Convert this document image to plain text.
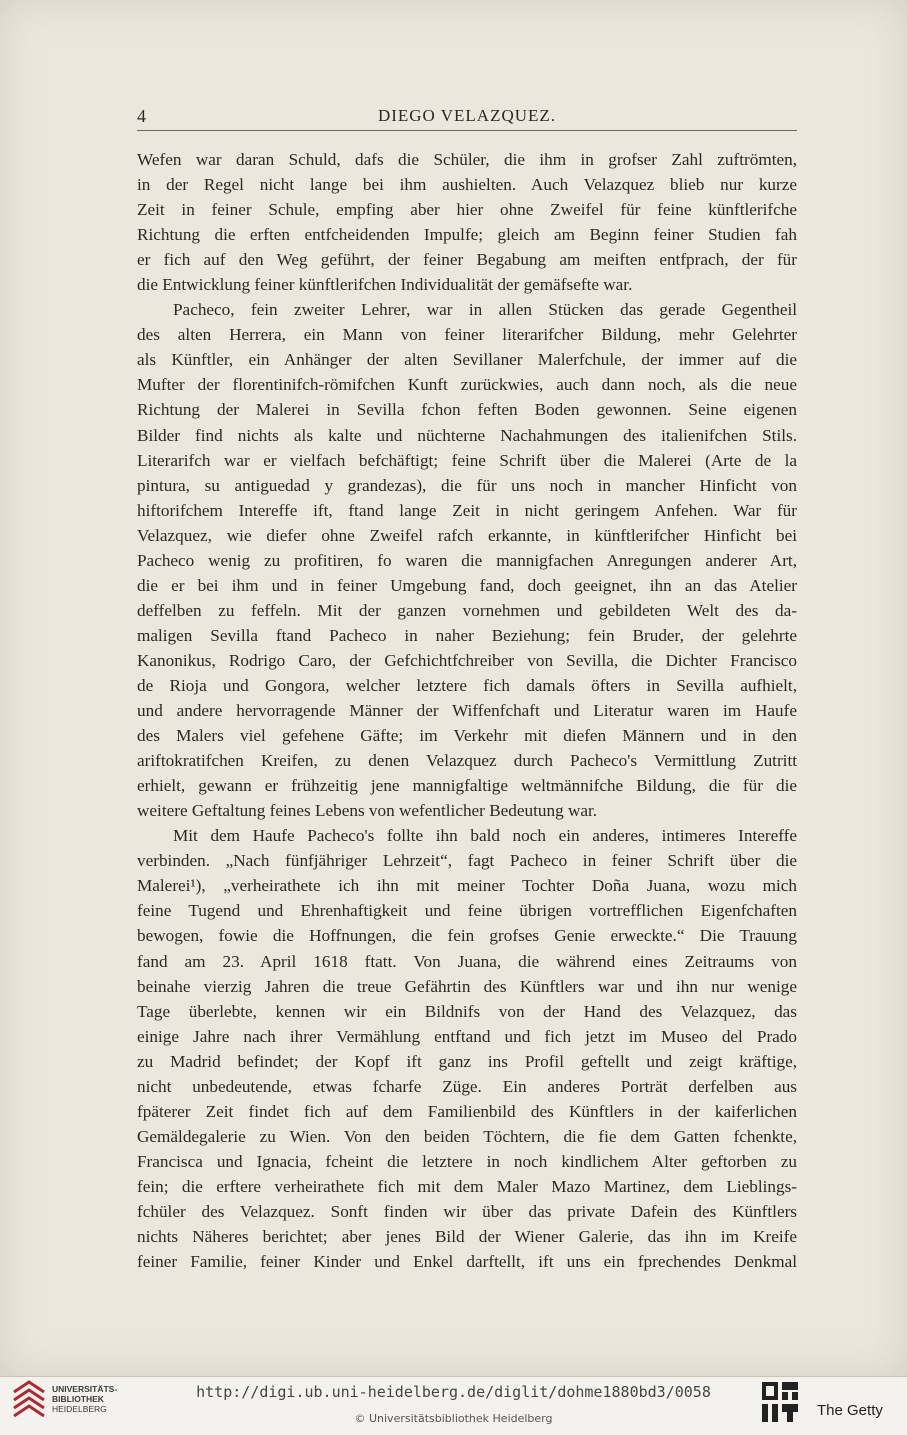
4	DIEGO VELAZQUEZ.
Wefen war daran Schuld, dafs die Schüler, die ihm in grofser Zahl zuftrömten,
in der Regel nicht lange bei ihm aushielten. Auch Velazquez blieb nur kurze
Zeit in feiner Schule, empfing aber hier ohne Zweifel für feine künftlerifche
Richtung die erften entfcheidenden Impulfe; gleich am Beginn feiner Studien fah
er fich auf den Weg geführt, der feiner Begabung am meiften entfprach, der für
die Entwicklung feiner künftlerifchen Individualität der gemäfsefte war.
Pacheco, fein zweiter Lehrer, war in allen Stücken das gerade Gegentheil
des alten Herrera, ein Mann von feiner literarifcher Bildung, mehr Gelehrter
als Künftler, ein Anhänger der alten Sevillaner Malerfchule, der immer auf die
Mufter der florentinifch-römifchen Kunft zurückwies, auch dann noch, als die neue
Richtung der Malerei in Sevilla fchon feften Boden gewonnen. Seine eigenen
Bilder find nichts als kalte und nüchterne Nachahmungen des italienifchen Stils.
Literarifch war er vielfach befchäftigt; feine Schrift über die Malerei (Arte de la
pintura, su antiguedad y grandezas), die für uns noch in mancher Hinficht von
hiftorifchem Intereffe ift, ftand lange Zeit in nicht geringem Anfehen. War für
Velazquez, wie diefer ohne Zweifel rafch erkannte, in künftlerifcher Hinficht bei
Pacheco wenig zu profitiren, fo waren die mannigfachen Anregungen anderer Art,
die er bei ihm und in feiner Umgebung fand, doch geeignet, ihn an das Atelier
deffelben zu feffeln. Mit der ganzen vornehmen und gebildeten Welt des da-
maligen Sevilla ftand Pacheco in naher Beziehung; fein Bruder, der gelehrte
Kanonikus, Rodrigo Caro, der Gefchichtfchreiber von Sevilla, die Dichter Francisco
de Rioja und Gongora, welcher letztere fich damals öfters in Sevilla aufhielt,
und andere hervorragende Männer der Wiffenfchaft und Literatur waren im Haufe
des Malers viel gefehene Gäfte; im Verkehr mit diefen Männern und in den
ariftokratifchen Kreifen, zu denen Velazquez durch Pacheco's Vermittlung Zutritt
erhielt, gewann er frühzeitig jene mannigfaltige weltmännifche Bildung, die für die
weitere Geftaltung feines Lebens von wefentlicher Bedeutung war.
Mit dem Haufe Pacheco's follte ihn bald noch ein anderes, intimeres Intereffe
verbinden. „Nach fünfjähriger Lehrzeit“, fagt Pacheco in feiner Schrift über die
Malerei¹), „verheirathete ich ihn mit meiner Tochter Doña Juana, wozu mich
feine Tugend und Ehrenhaftigkeit und feine übrigen vortrefflichen Eigenfchaften
bewogen, fowie die Hoffnungen, die fein grofses Genie erweckte.“ Die Trauung
fand am 23. April 1618 ftatt. Von Juana, die während eines Zeitraums von
beinahe vierzig Jahren die treue Gefährtin des Künftlers war und ihn nur wenige
Tage überlebte, kennen wir ein Bildnifs von der Hand des Velazquez, das
einige Jahre nach ihrer Vermählung entftand und fich jetzt im Museo del Prado
zu Madrid befindet; der Kopf ift ganz ins Profil geftellt und zeigt kräftige,
nicht unbedeutende, etwas fcharfe Züge. Ein anderes Porträt derfelben aus
fpäterer Zeit findet fich auf dem Familienbild des Künftlers in der kaiferlichen
Gemäldegalerie zu Wien. Von den beiden Töchtern, die fie dem Gatten fchenkte,
Francisca und Ignacia, fcheint die letztere in noch kindlichem Alter geftorben zu
fein; die erftere verheirathete fich mit dem Maler Mazo Martinez, dem Lieblings-
fchüler des Velazquez. Sonft finden wir über das private Dafein des Künftlers
nichts Näheres berichtet; aber jenes Bild der Wiener Galerie, das ihn im Kreife
feiner Familie, feiner Kinder und Enkel darftellt, ift uns ein fprechendes Denkmal
UNIVERSITÄTS-
BIBLIOTHEK
HEIDELBERG
http://digi.ub.uni-heidelberg.de/diglit/dohme1880bd3/0058
© Universitätsbibliothek Heidelberg	The Getty
